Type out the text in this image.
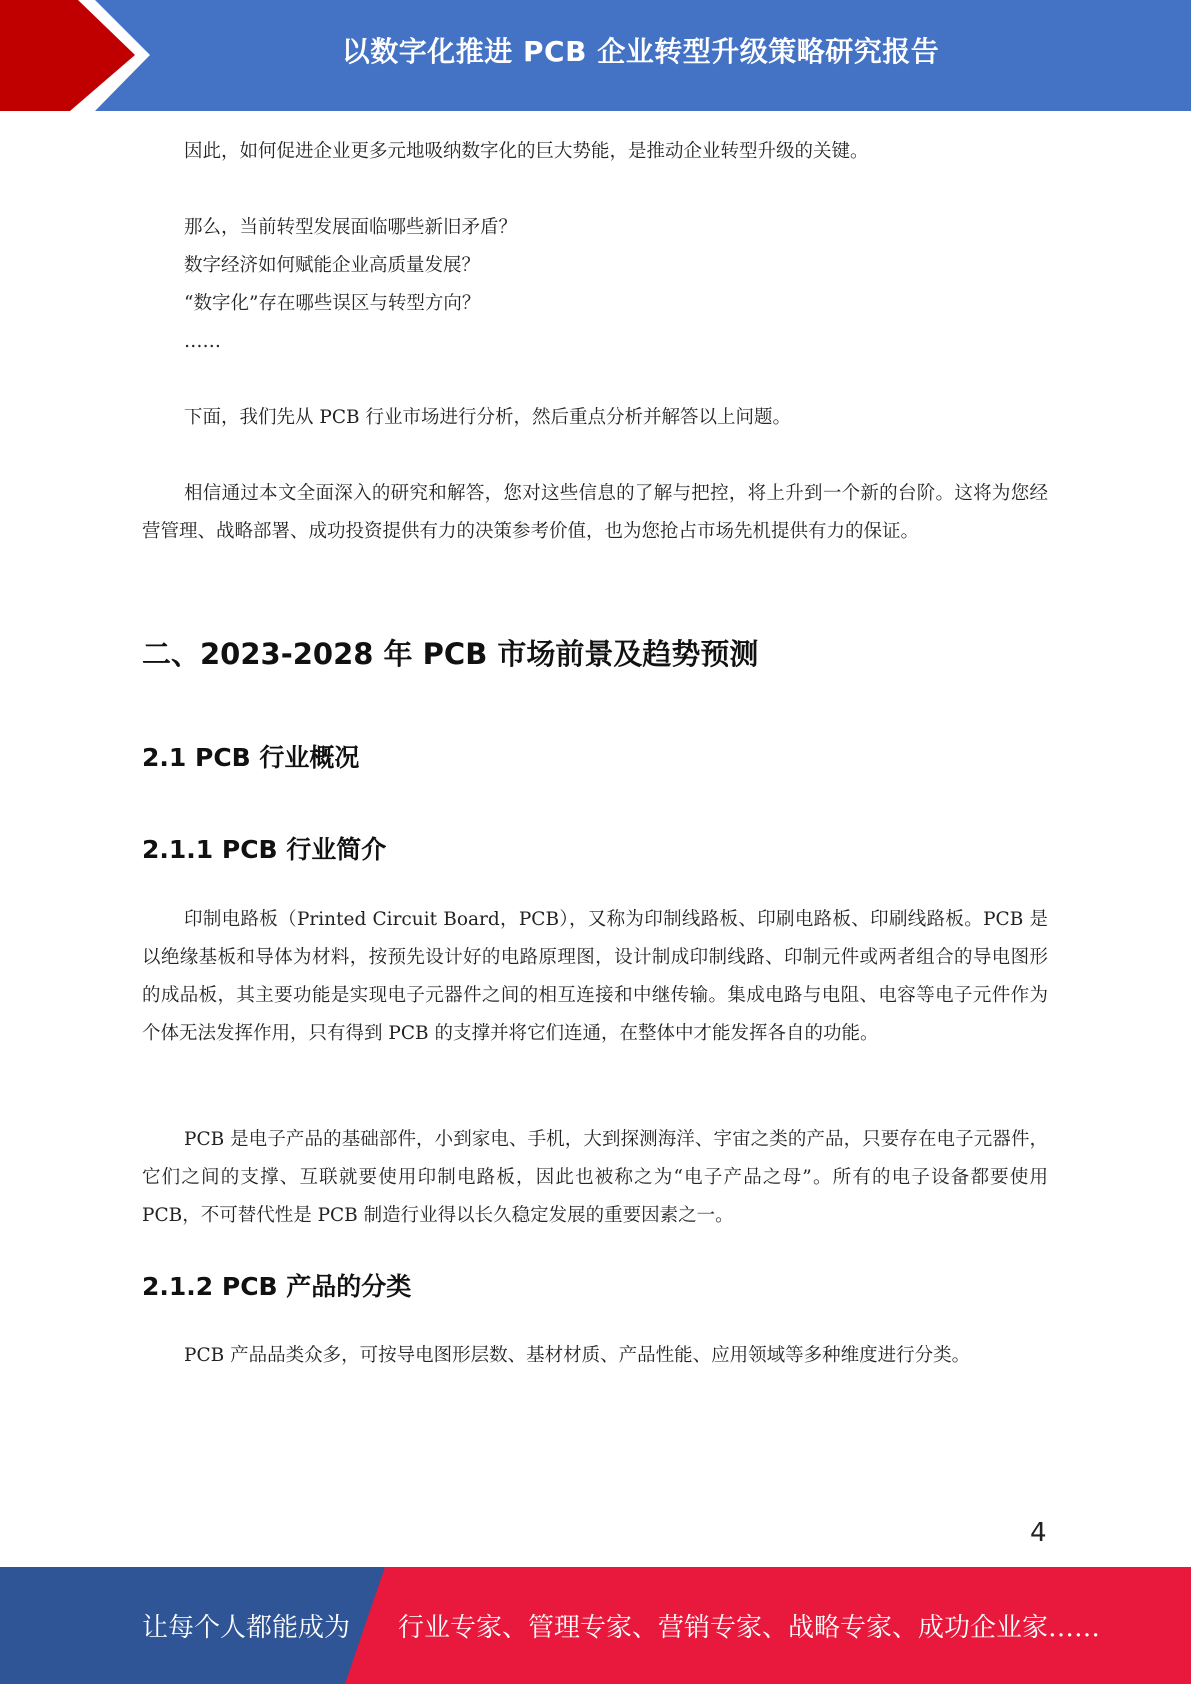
以数字化推进 PCB 企业转型升级策略研究报告

因此，如何促进企业更多元地吸纳数字化的巨大势能，是推动企业转型升级的关键。

那么，当前转型发展面临哪些新旧矛盾？

数字经济如何赋能企业高质量发展？

“数字化”存在哪些误区与转型方向？

……

下面，我们先从 PCB 行业市场进行分析，然后重点分析并解答以上问题。

相信通过本文全面深入的研究和解答，您对这些信息的了解与把控，将上升到一个新的台阶。这将为您经营管理、战略部署、成功投资提供有力的决策参考价值，也为您抢占市场先机提供有力的保证。

二、2023-2028 年 PCB 市场前景及趋势预测
2.1 PCB 行业概况
2.1.1 PCB 行业简介

印制电路板（Printed Circuit Board，PCB），又称为印制线路板、印刷电路板、印刷线路板。PCB 是以绝缘基板和导体为材料，按预先设计好的电路原理图，设计制成印制线路、印制元件或两者组合的导电图形的成品板，其主要功能是实现电子元器件之间的相互连接和中继传输。集成电路与电阻、电容等电子元件作为个体无法发挥作用，只有得到 PCB 的支撑并将它们连通，在整体中才能发挥各自的功能。

PCB 是电子产品的基础部件，小到家电、手机，大到探测海洋、宇宙之类的产品，只要存在电子元器件，它们之间的支撑、互联就要使用印制电路板，因此也被称之为“电子产品之母”。所有的电子设备都要使用 PCB，不可替代性是 PCB 制造行业得以长久稳定发展的重要因素之一。

2.1.2 PCB 产品的分类

PCB 产品品类众多，可按导电图形层数、基材材质、产品性能、应用领域等多种维度进行分类。

4
让每个人都能成为 行业专家、管理专家、营销专家、战略专家、成功企业家……
